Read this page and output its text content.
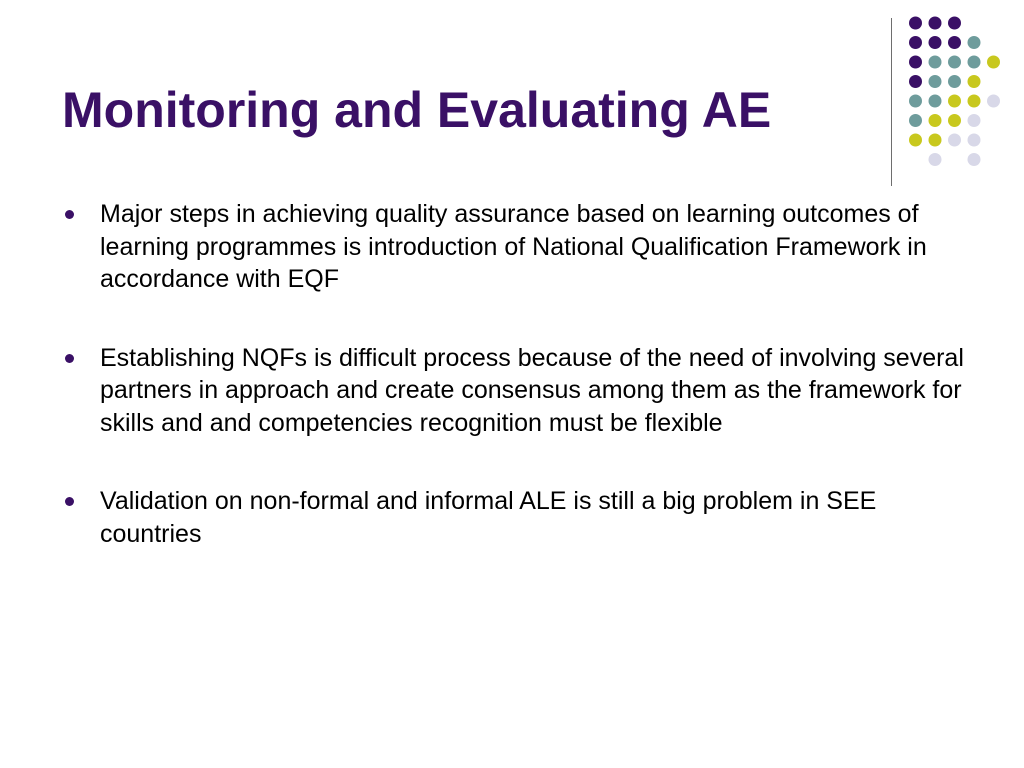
Monitoring and Evaluating AE
Major steps in achieving quality assurance based on learning outcomes of learning programmes is introduction of National Qualification Framework in accordance with EQF
Establishing NQFs is difficult process because of the need of involving several partners in approach and create consensus among them as the framework for skills and and competencies recognition must be flexible
Validation on non-formal and informal ALE is still a big problem in SEE countries
